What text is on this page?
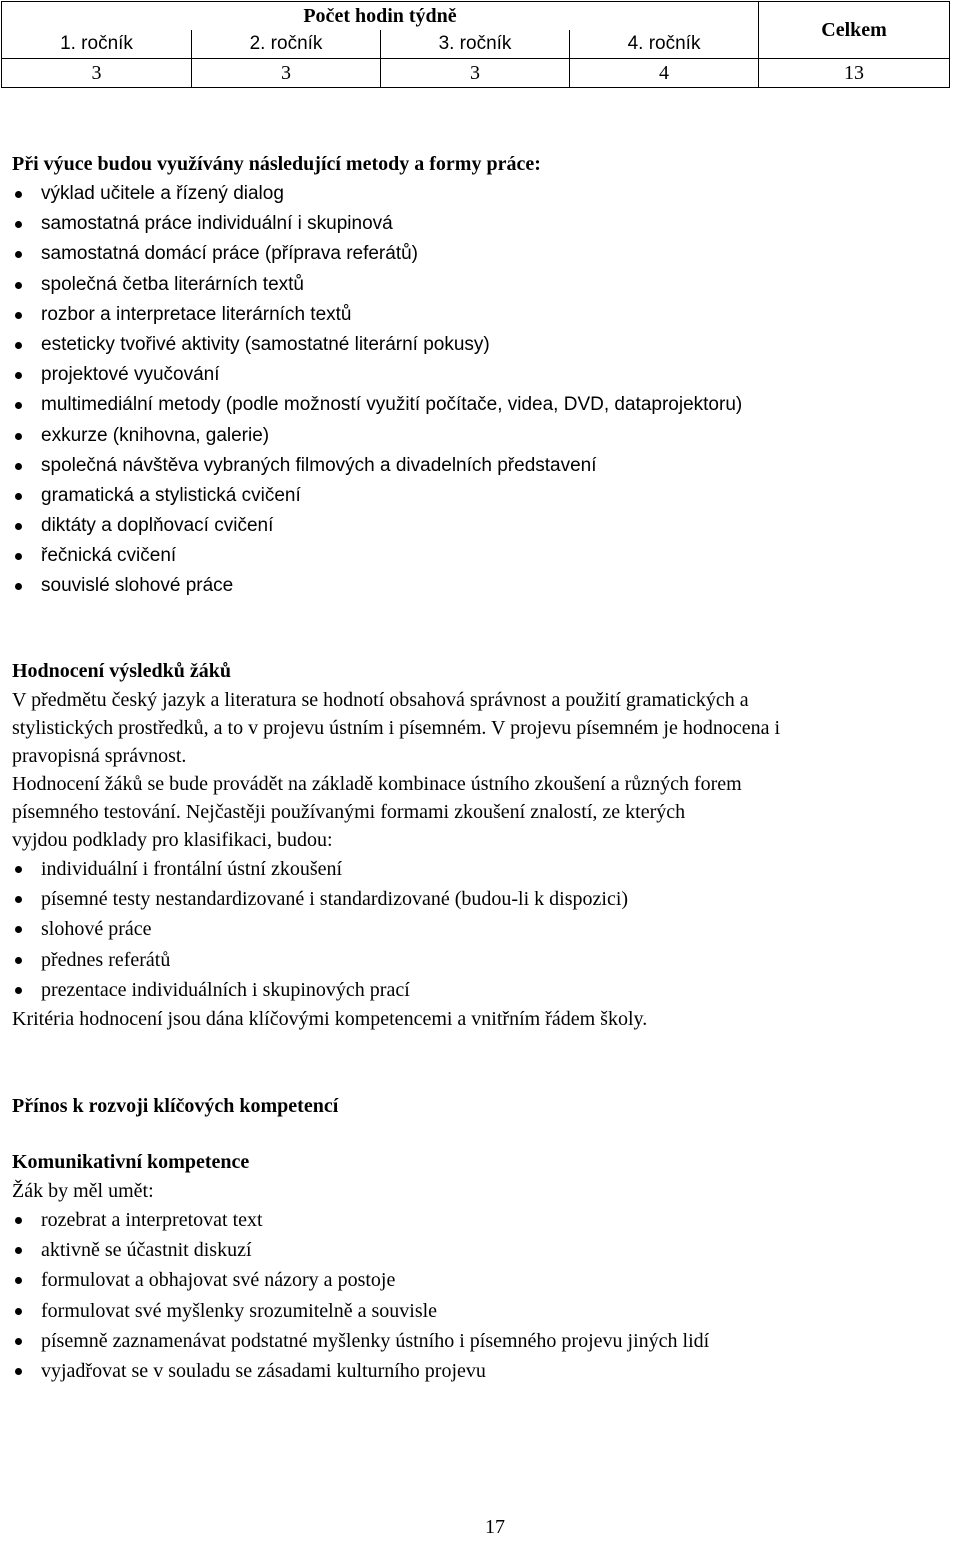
Počet hodin týdně				Celkem
1. ročník	2. ročník	3. ročník	4. ročník	
3	3	3	4	13
Při výuce budou využívány následující metody a formy práce:
výklad učitele a řízený dialog
samostatná práce individuální i skupinová
samostatná domácí práce (příprava referátů)
společná četba literárních textů
rozbor a interpretace literárních textů
esteticky tvořivé aktivity (samostatné literární pokusy)
projektové vyučování
multimediální metody (podle možností využití počítače, videa, DVD, dataprojektoru)
exkurze (knihovna, galerie)
společná návštěva vybraných filmových a divadelních představení
gramatická a stylistická cvičení
diktáty a doplňovací cvičení
řečnická cvičení
souvislé slohové práce
Hodnocení výsledků žáků
V předmětu český jazyk a literatura se hodnotí obsahová správnost a použití gramatických a
stylistických prostředků, a to v projevu ústním i písemném. V projevu písemném je hodnocena i
pravopisná správnost.
Hodnocení žáků se bude provádět na základě kombinace ústního zkoušení a různých forem
písemného testování. Nejčastěji používanými formami zkoušení znalostí, ze kterých
vyjdou podklady pro klasifikaci, budou:
individuální i frontální ústní zkoušení
písemné testy nestandardizované i standardizované (budou-li k dispozici)
slohové práce
přednes referátů
prezentace individuálních i skupinových prací
Kritéria hodnocení jsou dána klíčovými kompetencemi a vnitřním řádem školy.
Přínos k rozvoji klíčových kompetencí
Komunikativní kompetence
Žák by měl umět:
rozebrat a interpretovat text
aktivně se účastnit diskuzí
formulovat a obhajovat své názory a postoje
formulovat své myšlenky srozumitelně a souvisle
písemně zaznamenávat podstatné myšlenky ústního i písemného projevu jiných lidí
vyjadřovat se v souladu se zásadami kulturního projevu
17
